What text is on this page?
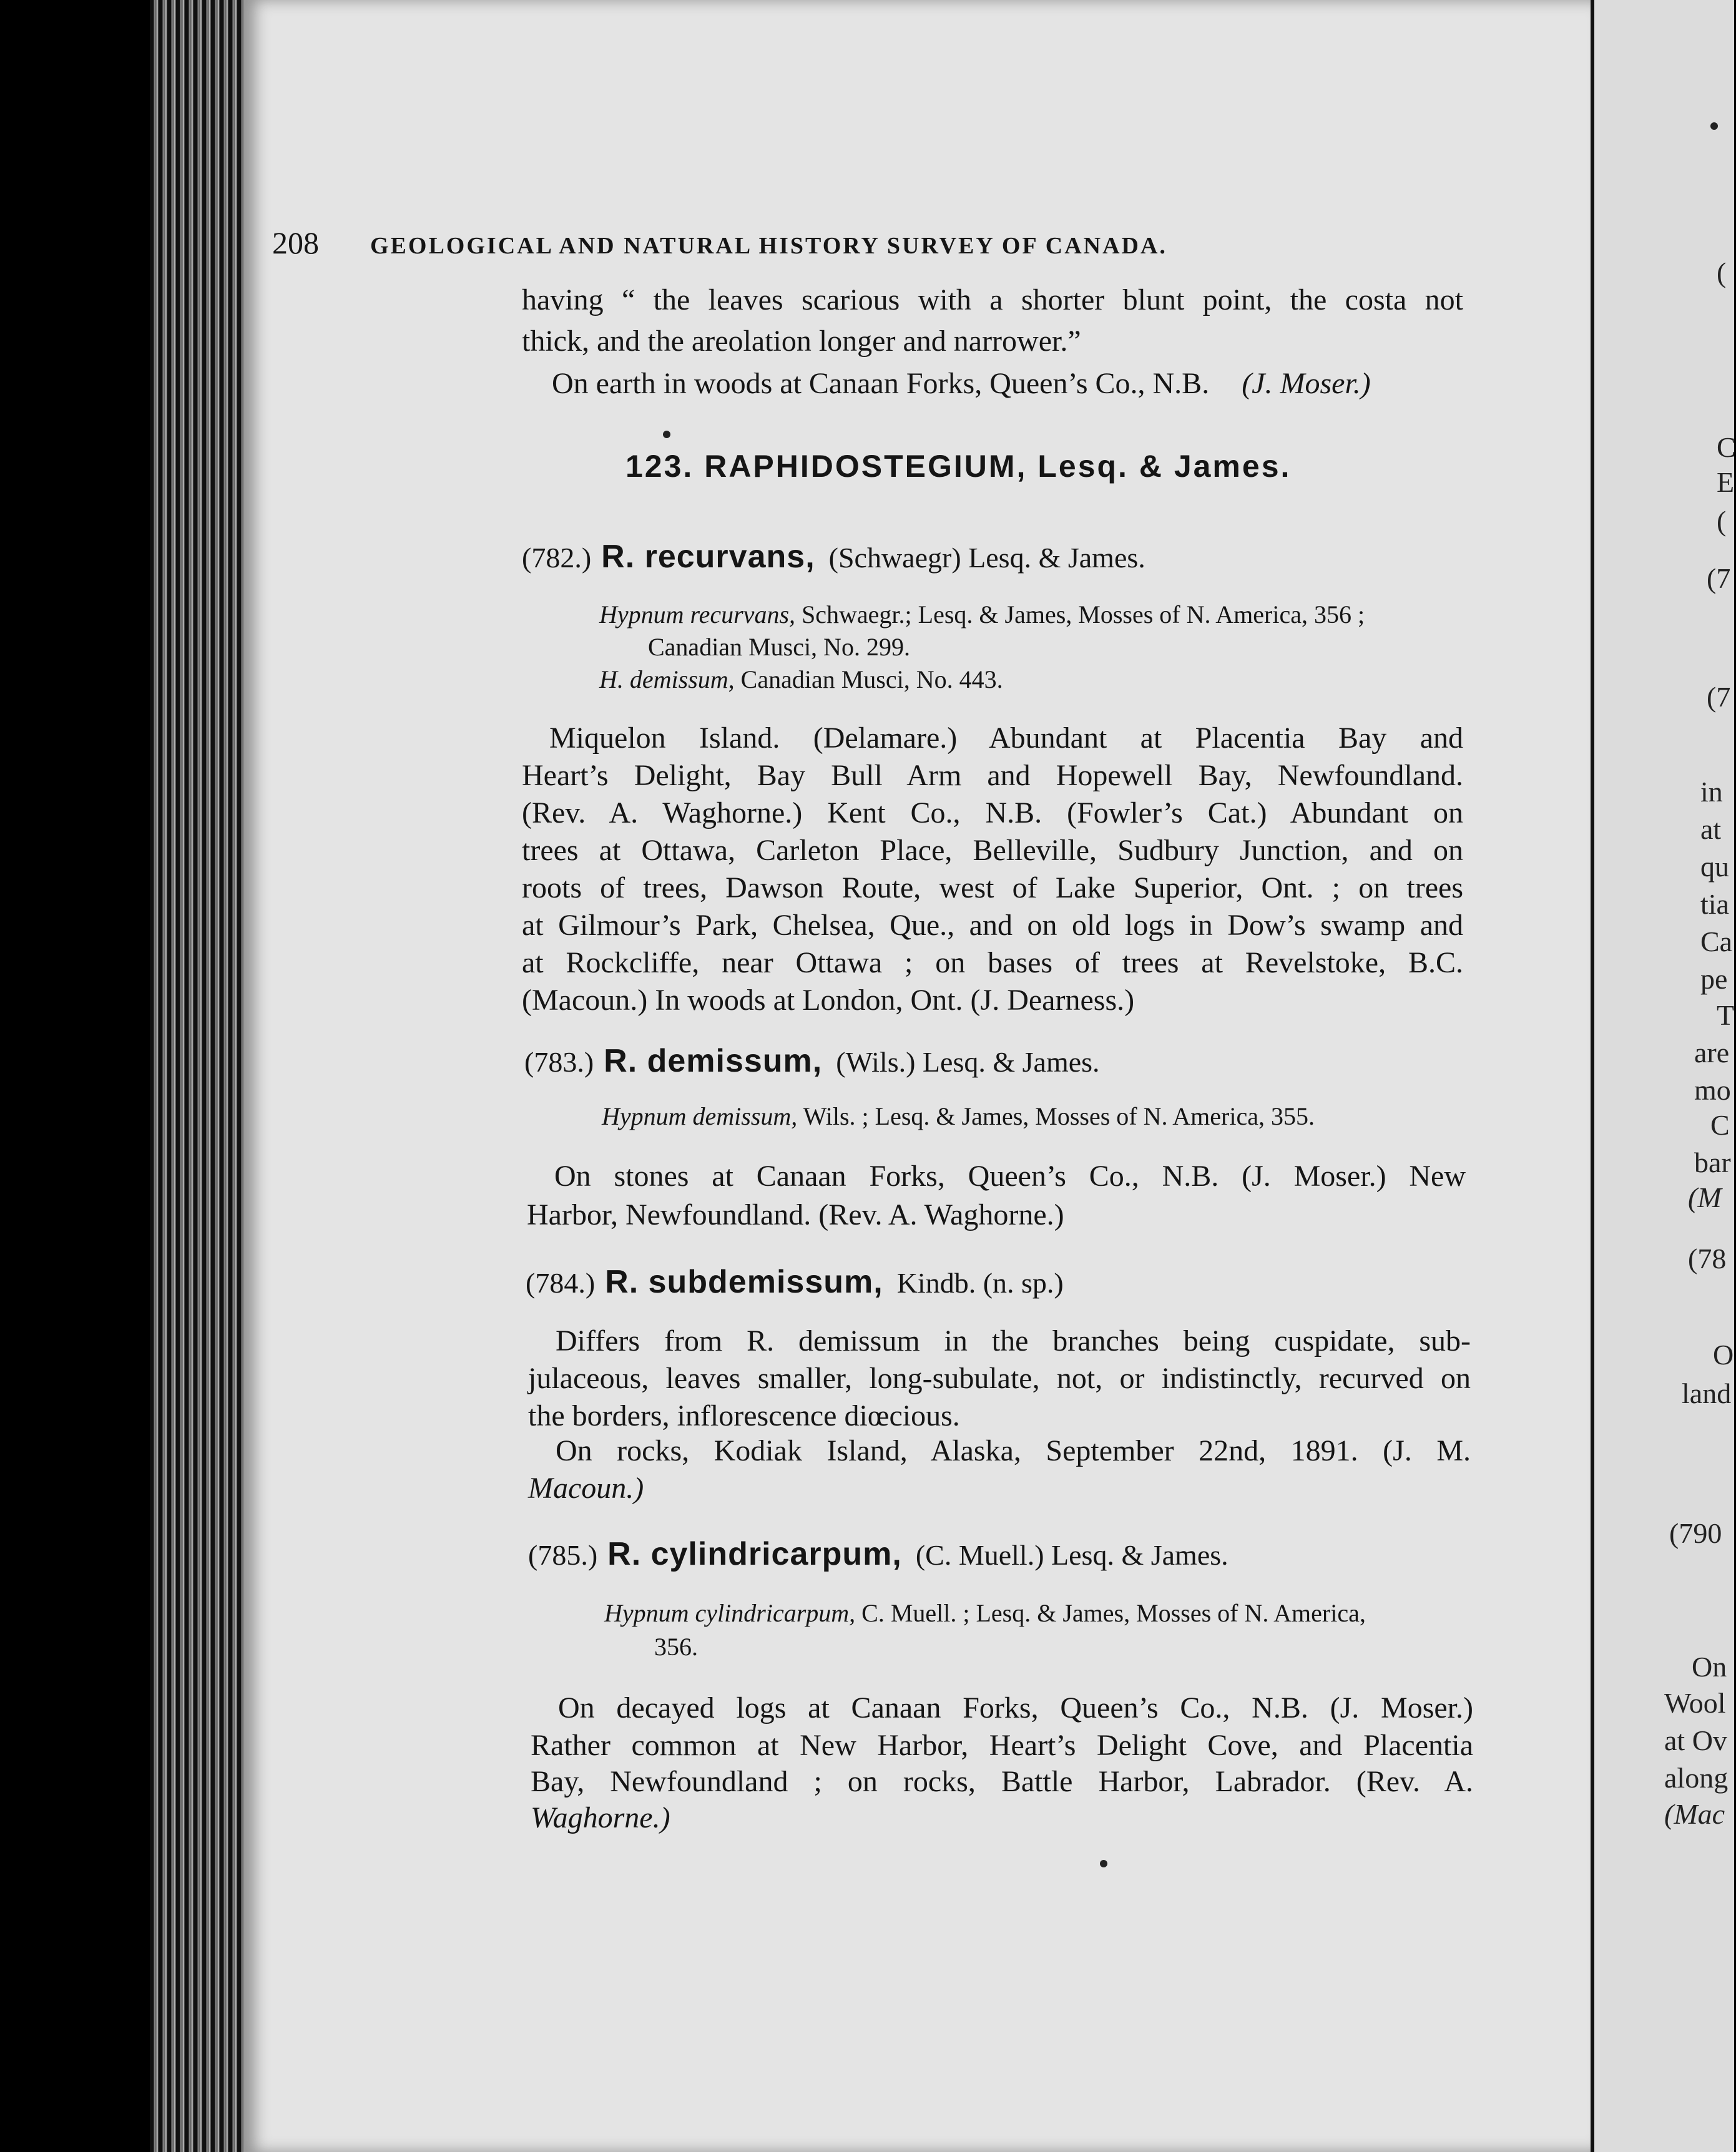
208 GEOLOGICAL AND NATURAL HISTORY SURVEY OF CANADA.
having “ the leaves scarious with a shorter blunt point, the costa not
thick, and the areolation longer and narrower.”
On earth in woods at Canaan Forks, Queen’s Co., N.B. (J. Moser.)
123. RAPHIDOSTEGIUM, Lesq. & James.
(782.) R. recurvans, (Schwaegr) Lesq. & James.
Hypnum recurvans, Schwaegr.; Lesq. & James, Mosses of N. America, 356 ;
Canadian Musci, No. 299.
H. demissum, Canadian Musci, No. 443.
Miquelon Island. (Delamare.) Abundant at Placentia Bay and
Heart’s Delight, Bay Bull Arm and Hopewell Bay, Newfoundland.
(Rev. A. Waghorne.) Kent Co., N.B. (Fowler’s Cat.) Abundant on
trees at Ottawa, Carleton Place, Belleville, Sudbury Junction, and on
roots of trees, Dawson Route, west of Lake Superior, Ont. ; on trees
at Gilmour’s Park, Chelsea, Que., and on old logs in Dow’s swamp and
at Rockcliffe, near Ottawa ; on bases of trees at Revelstoke, B.C.
(Macoun.) In woods at London, Ont. (J. Dearness.)
(783.) R. demissum, (Wils.) Lesq. & James.
Hypnum demissum, Wils. ; Lesq. & James, Mosses of N. America, 355.
On stones at Canaan Forks, Queen’s Co., N.B. (J. Moser.) New
Harbor, Newfoundland. (Rev. A. Waghorne.)
(784.) R. subdemissum, Kindb. (n. sp.)
Differs from R. demissum in the branches being cuspidate, sub-
julaceous, leaves smaller, long-subulate, not, or indistinctly, recurved on
the borders, inflorescence diœcious.
On rocks, Kodiak Island, Alaska, September 22nd, 1891. (J. M.
Macoun.)
(785.) R. cylindricarpum, (C. Muell.) Lesq. & James.
Hypnum cylindricarpum, C. Muell. ; Lesq. & James, Mosses of N. America,
356.
On decayed logs at Canaan Forks, Queen’s Co., N.B. (J. Moser.)
Rather common at New Harbor, Heart’s Delight Cove, and Placentia
Bay, Newfoundland ; on rocks, Battle Harbor, Labrador. (Rev. A.
Waghorne.)
(
C
E
(
(7
(7
in
at
qu
tia
Ca
pe
T
are
mo
C
bar
(M
(78
O
land
(790
On
Wool
at Ov
along
(Mac
